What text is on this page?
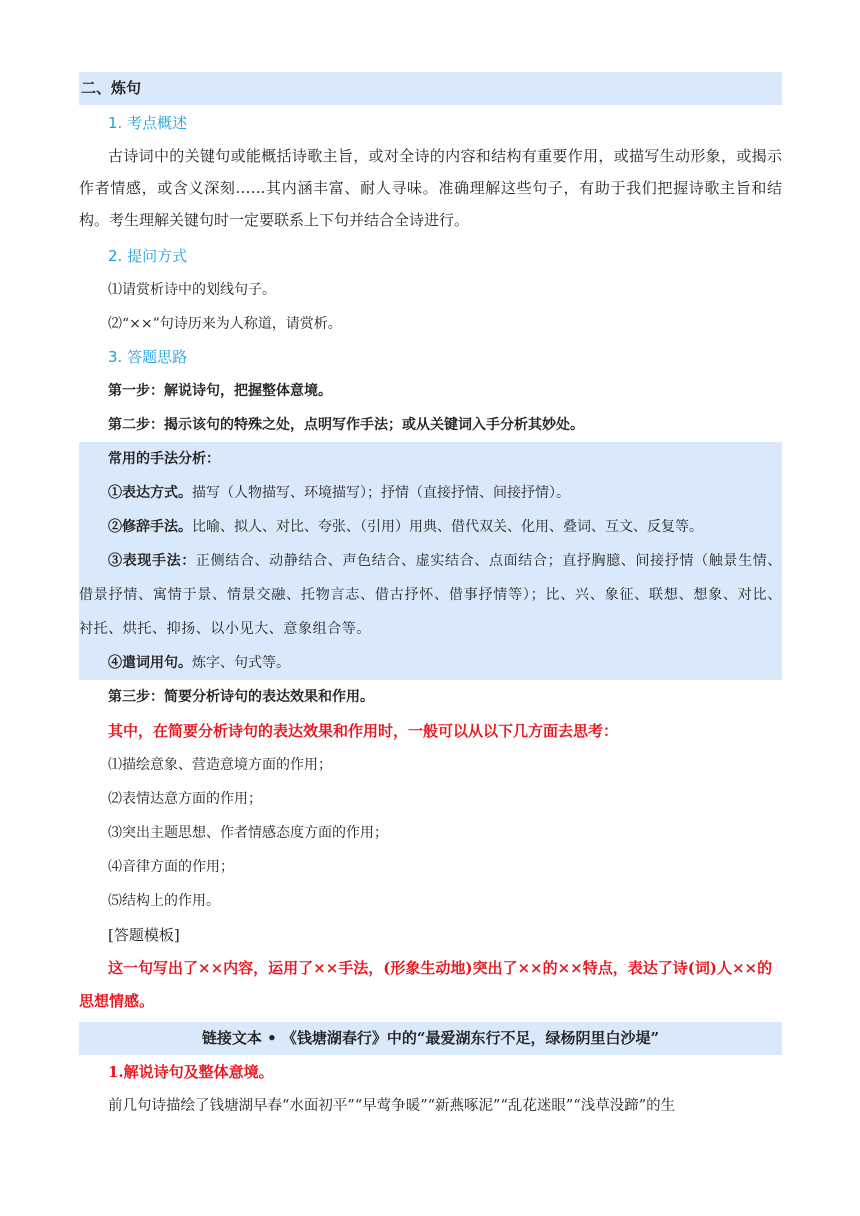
二、炼句
1. 考点概述
古诗词中的关键句或能概括诗歌主旨，或对全诗的内容和结构有重要作用，或描写生动形象，或揭示作者情感，或含义深刻……其内涵丰富、耐人寻味。准确理解这些句子，有助于我们把握诗歌主旨和结构。考生理解关键句时一定要联系上下句并结合全诗进行。
2. 提问方式
⑴请赏析诗中的划线句子。
⑵“××”句诗历来为人称道，请赏析。
3. 答题思路
第一步：解说诗句，把握整体意境。
第二步：揭示该句的特殊之处，点明写作手法；或从关键词入手分析其妙处。
常用的手法分析：
①表达方式。描写（人物描写、环境描写）；抒情（直接抒情、间接抒情）。
②修辞手法。比喻、拟人、对比、夸张、（引用）用典、借代双关、化用、叠词、互文、反复等。
③表现手法：正侧结合、动静结合、声色结合、虚实结合、点面结合；直抒胸臆、间接抒情（触景生情、借景抒情、寓情于景、情景交融、托物言志、借古抒怀、借事抒情等）；比、兴、象征、联想、想象、对比、衬托、烘托、抑扬、以小见大、意象组合等。
④遣词用句。炼字、句式等。
第三步：简要分析诗句的表达效果和作用。
其中，在简要分析诗句的表达效果和作用时，一般可以从以下几方面去思考：
⑴描绘意象、营造意境方面的作用；
⑵表情达意方面的作用；
⑶突出主题思想、作者情感态度方面的作用；
⑷音律方面的作用；
⑸结构上的作用。
[答题模板]
这一句写出了××内容，运用了××手法，(形象生动地)突出了××的××特点，表达了诗(词)人××的思想情感。
链接文本 • 《钱塘湖春行》中的“最爱湖东行不足，绿杨阴里白沙堤”
1.解说诗句及整体意境。
前几句诗描绘了钱塘湖早春“水面初平”“早莺争暖”“新燕啄泥”“乱花迷眼”“浅草没蹄”的生
